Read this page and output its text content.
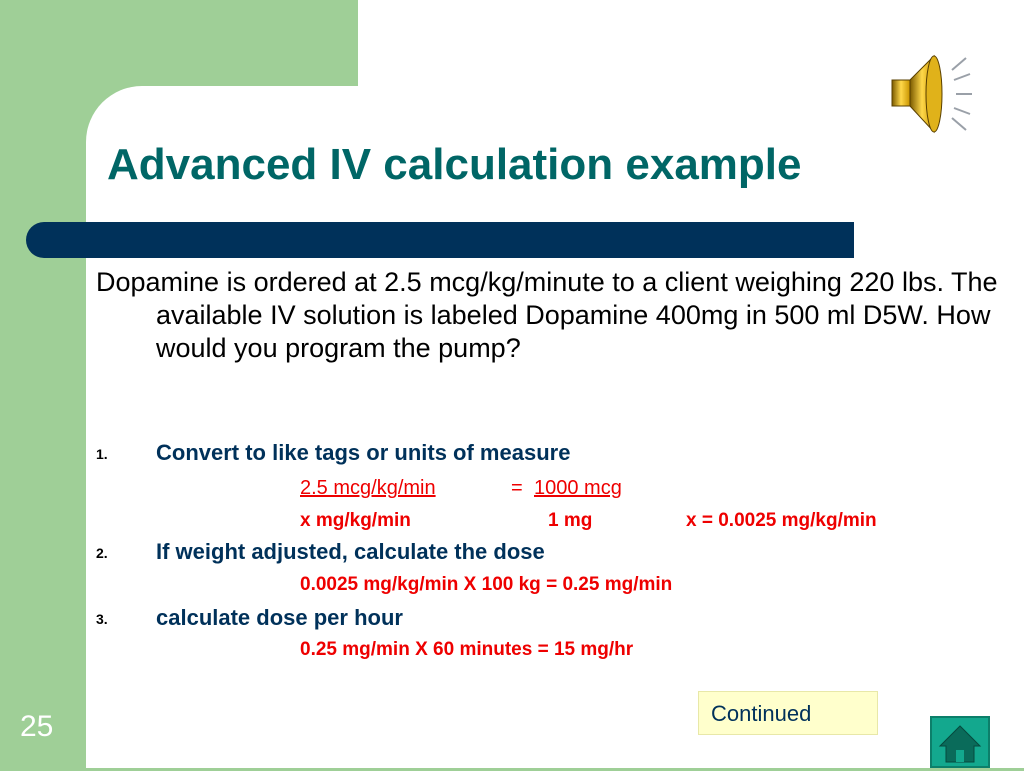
Advanced IV calculation example
Dopamine is ordered at 2.5 mcg/kg/minute to a client weighing 220 lbs. The available IV solution is labeled Dopamine 400mg in 500 ml D5W. How would you program the pump?
1. Convert to like tags or units of measure
2.5 mcg/kg/min	= 1000 mcg
x mg/kg/min	1 mg	x = 0.0025 mg/kg/min
2. If weight adjusted, calculate the dose
0.0025 mg/kg/min X 100 kg = 0.25 mg/min
3. calculate dose per hour
0.25 mg/min X 60 minutes = 15 mg/hr
25	Continued
